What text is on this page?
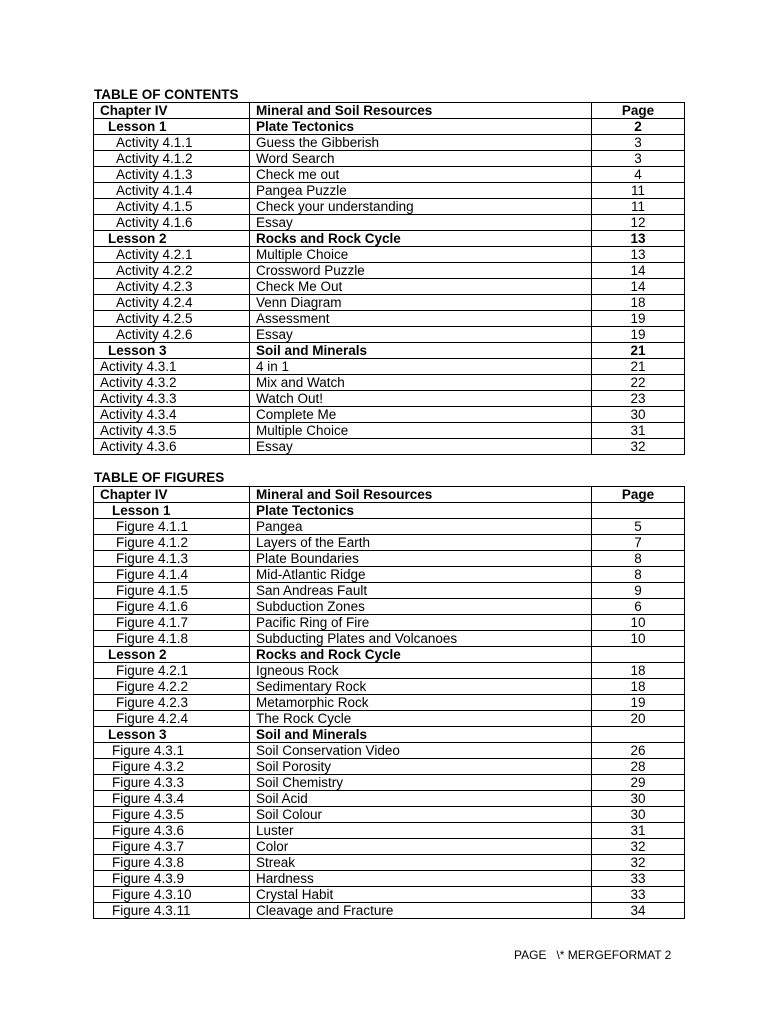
TABLE OF CONTENTS
Chapter IV	Mineral and Soil Resources	Page
Lesson 1	Plate Tectonics	2
Activity 4.1.1	Guess the Gibberish	3
Activity 4.1.2	Word Search	3
Activity 4.1.3	Check me out	4
Activity 4.1.4	Pangea Puzzle	11
Activity 4.1.5	Check your understanding	11
Activity 4.1.6	Essay	12
Lesson 2	Rocks and Rock Cycle	13
Activity 4.2.1	Multiple Choice	13
Activity 4.2.2	Crossword Puzzle	14
Activity 4.2.3	Check Me Out	14
Activity 4.2.4	Venn Diagram	18
Activity 4.2.5	Assessment	19
Activity 4.2.6	Essay	19
Lesson 3	Soil and Minerals	21
Activity 4.3.1	4 in 1	21
Activity 4.3.2	Mix and Watch	22
Activity 4.3.3	Watch Out!	23
Activity 4.3.4	Complete Me	30
Activity 4.3.5	Multiple Choice	31
Activity 4.3.6	Essay	32
TABLE OF FIGURES
Chapter IV	Mineral and Soil Resources	Page
Lesson 1	Plate Tectonics	
Figure 4.1.1	Pangea	5
Figure 4.1.2	Layers of the Earth	7
Figure 4.1.3	Plate Boundaries	8
Figure 4.1.4	Mid-Atlantic Ridge	8
Figure 4.1.5	San Andreas Fault	9
Figure 4.1.6	Subduction Zones	6
Figure 4.1.7	Pacific Ring of Fire	10
Figure 4.1.8	Subducting Plates and Volcanoes	10
Lesson 2	Rocks and Rock Cycle	
Figure 4.2.1	Igneous Rock	18
Figure 4.2.2	Sedimentary Rock	18
Figure 4.2.3	Metamorphic Rock	19
Figure 4.2.4	The Rock Cycle	20
Lesson 3	Soil and Minerals	
Figure 4.3.1	Soil Conservation Video	26
Figure 4.3.2	Soil Porosity	28
Figure 4.3.3	Soil Chemistry	29
Figure 4.3.4	Soil Acid	30
Figure 4.3.5	Soil Colour	30
Figure 4.3.6	Luster	31
Figure 4.3.7	Color	32
Figure 4.3.8	Streak	32
Figure 4.3.9	Hardness	33
Figure 4.3.10	Crystal Habit	33
Figure 4.3.11	Cleavage and Fracture	34
PAGE   \* MERGEFORMAT 2
